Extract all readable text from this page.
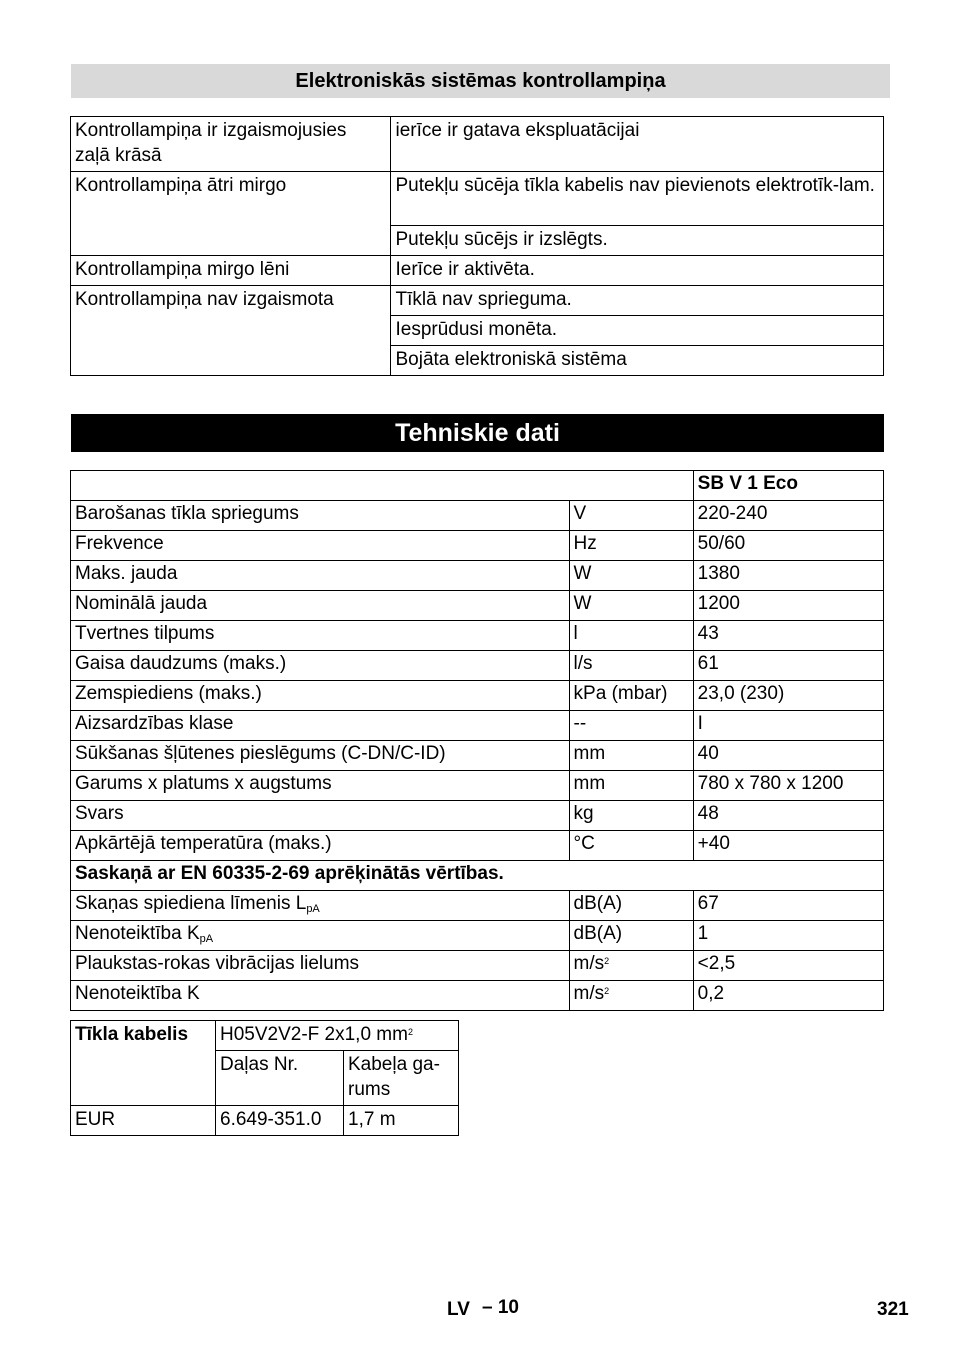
Elektroniskās sistēmas kontrollampiņa
Kontrollampiņa ir izgaismojusies zaļā krāsā	ierīce ir gatava ekspluatācijai
Kontrollampiņa ātri mirgo	Putekļu sūcēja tīkla kabelis nav pievienots elektrotīk-lam.
	Putekļu sūcējs ir izslēgts.
Kontrollampiņa mirgo lēni	Ierīce ir aktivēta.
Kontrollampiņa nav izgaismota	Tīklā nav sprieguma.
	Iesprūdusi monēta.
	Bojāta elektroniskā sistēma
Tehniskie dati
		SB V 1 Eco
Barošanas tīkla spriegums	V	220-240
Frekvence	Hz	50/60
Maks. jauda	W	1380
Nominālā jauda	W	1200
Tvertnes tilpums	l	43
Gaisa daudzums (maks.)	l/s	61
Zemspiediens (maks.)	kPa (mbar)	23,0 (230)
Aizsardzības klase	--	I
Sūkšanas šļūtenes pieslēgums (C-DN/C-ID)	mm	40
Garums x platums x augstums	mm	780 x 780 x 1200
Svars	kg	48
Apkārtējā temperatūra (maks.)	°C	+40
Saskaņā ar EN 60335-2-69 aprēķinātās vērtības.		
Skaņas spiediena līmenis $L_{pA}$	dB(A)	67
Nenoteiktība $K_{pA}$	dB(A)	1
Plaukstas-rokas vibrācijas lielums	$m/s^2$	<2,5
Nenoteiktība K	$m/s^2$	0,2
Tīkla kabelis	H05V2V2-F 2x1,0 $mm^2$
	Daļas Nr.	Kabeļa ga-rums
EUR	6.649-351.0	1,7 m
LV – 10	321
